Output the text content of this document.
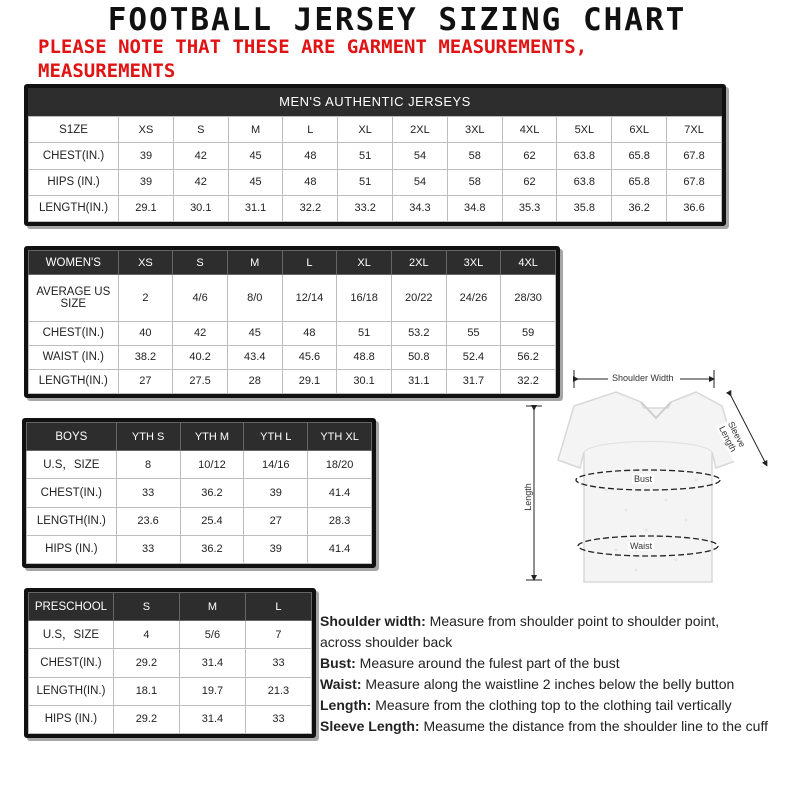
FOOTBALL JERSEY SIZING CHART
PLEASE NOTE THAT THESE ARE GARMENT MEASUREMENTS,
MEASUREMENTS
MEN'S AUTHENTIC JERSEYS
S1ZE	XS	S	M	L	XL	2XL	3XL	4XL	5XL	6XL	7XL
CHEST(IN.)	39	42	45	48	51	54	58	62	63.8	65.8	67.8
HIPS (IN.)	39	42	45	48	51	54	58	62	63.8	65.8	67.8
LENGTH(IN.)	29.1	30.1	31.1	32.2	33.2	34.3	34.8	35.3	35.8	36.2	36.6
WOMEN'S	XS	S	M	L	XL	2XL	3XL	4XL
AVERAGE US SIZE	2	4/6	8/0	12/14	16/18	20/22	24/26	28/30
CHEST(IN.)	40	42	45	48	51	53.2	55	59
WAIST (IN.)	38.2	40.2	43.4	45.6	48.8	50.8	52.4	56.2
LENGTH(IN.)	27	27.5	28	29.1	30.1	31.1	31.7	32.2
BOYS	YTH S	YTH M	YTH L	YTH XL
U.S，SIZE	8	10/12	14/16	18/20
CHEST(IN.)	33	36.2	39	41.4
LENGTH(IN.)	23.6	25.4	27	28.3
HIPS (IN.)	33	36.2	39	41.4
PRESCHOOL	S	M	L
U.S，SIZE	4	5/6	7
CHEST(IN.)	29.2	31.4	33
LENGTH(IN.)	18.1	19.7	21.3
HIPS (IN.)	29.2	31.4	33
Shoulder Width
Sleeve Length
Length
Bust
Waist
Shoulder width: Measure from shoulder point to shoulder point,
across shoulder back
Bust: Measure around the fulest part of the bust
Waist: Measure along the waistline 2 inches below the belly button
Length: Measure from the clothing top to the clothing tail vertically
Sleeve Length: Measume the distance from the shoulder line to the cuff
